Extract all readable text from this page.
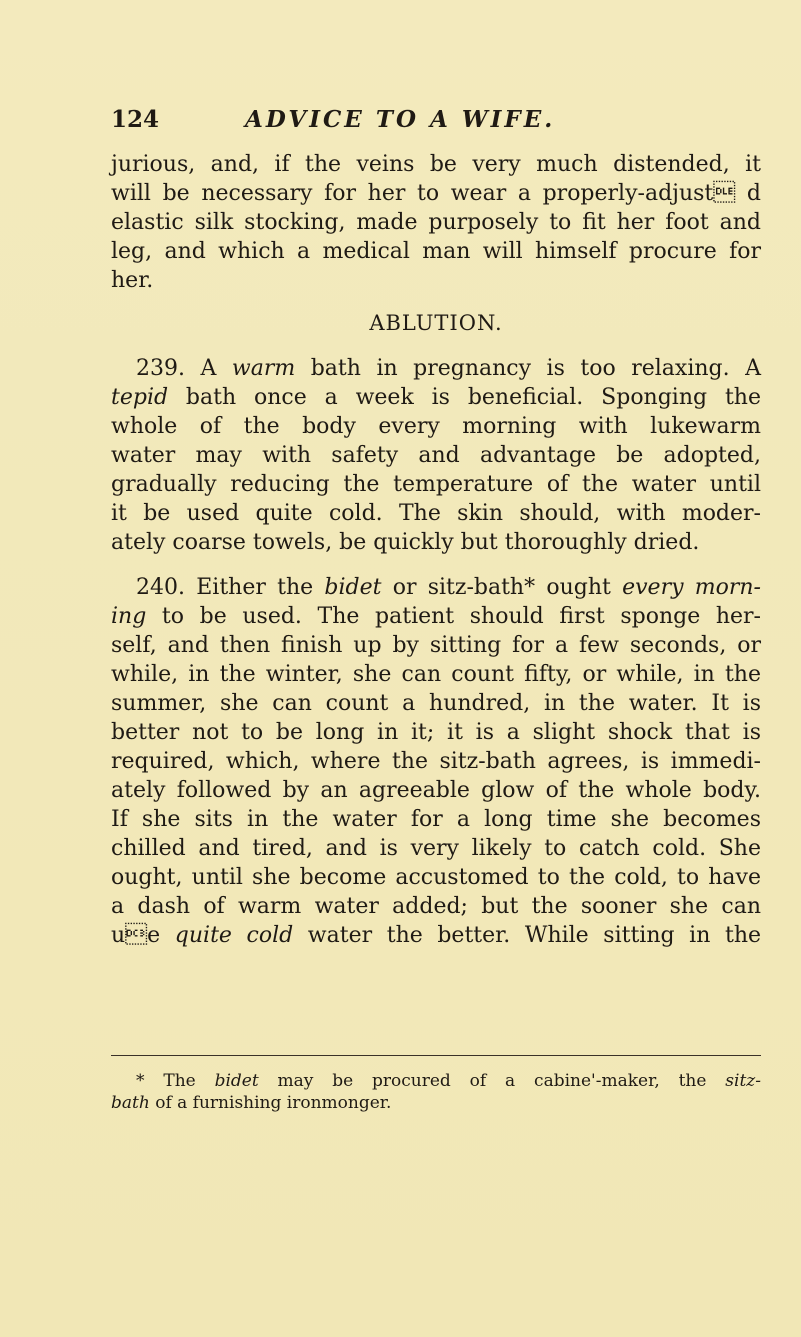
124	ADVICE TO A WIFE.
jurious, and, if the veins be very much distended, it
will be necessary for her to wear a properly-adjust d
elastic silk stocking, made purposely to fit her foot and
leg, and which a medical man will himself procure for
her.
ABLUTION.
239. A warm bath in pregnancy is too relaxing. A
tepid bath once a week is beneficial. Sponging the
whole of the body every morning with lukewarm
water may with safety and advantage be adopted,
gradually reducing the temperature of the water until
it be used quite cold. The skin should, with moder-
ately coarse towels, be quickly but thoroughly dried.
240. Either the bidet or sitz-bath* ought every morn-
ing to be used. The patient should first sponge her-
self, and then finish up by sitting for a few seconds, or
while, in the winter, she can count fifty, or while, in the
summer, she can count a hundred, in the water. It is
better not to be long in it; it is a slight shock that is
required, which, where the sitz-bath agrees, is immedi-
ately followed by an agreeable glow of the whole body.
If she sits in the water for a long time she becomes
chilled and tired, and is very likely to catch cold. She
ought, until she become accustomed to the cold, to have
a dash of warm water added; but the sooner she can
ue quite cold water the better. While sitting in the
* The bidet may be procured of a cabine'-maker, the sitz-
bath of a furnishing ironmonger.
